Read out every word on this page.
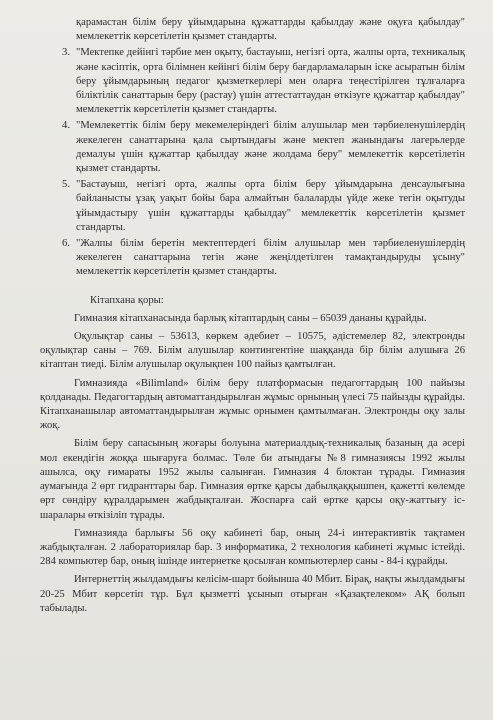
қарамастан білім беру ұйымдарына құжаттарды қабылдау және оқуға қабылдау" мемлекеттік көрсетілетін қызмет стандарты.

3. "Мектепке дейінгі тәрбие мен оқыту, бастауыш, негізгі орта, жалпы орта, техникалық және кәсіптік, орта білімнен кейінгі білім беру бағдарламаларын іске асыратын білім беру ұйымдарының педагог қызметкерлері мен оларға теңестірілген тұлғаларға біліктілік санаттарын беру (растау) үшін аттестаттаудан өткізуге құжаттар қабылдау" мемлекеттік көрсетілетін қызмет стандарты.
4. "Мемлекеттік білім беру мекемелеріндегі білім алушылар мен тәрбиеленушілердің жекелеген санаттарына қала сыртындағы және мектеп жанындағы лагерьлерде демалуы үшін құжаттар қабылдау және жолдама беру" мемлекеттік көрсетілетін қызмет стандарты.
5. "Бастауыш, негізгі орта, жалпы орта білім беру ұйымдарына денсаулығына байланысты ұзақ уақыт бойы бара алмайтын балаларды үйде жеке тегін оқытуды ұйымдастыру үшін құжаттарды қабылдау" мемлекеттік көрсетілетін қызмет стандарты.
6. "Жалпы білім беретін мектептердегі білім алушылар мен тәрбиеленушілердің жекелеген санаттарына тегін және жеңілдетілген тамақтандыруды ұсыну" мемлекеттік көрсетілетін қызмет стандарты.

Кітапхана қоры:

Гимназия кітапханасында барлық кітаптардың саны – 65039 дананы құрайды.

Оқулықтар саны – 53613, көркем әдебиет – 10575, әдістемелер 82, электронды оқулықтар саны – 769. Білім алушылар контингентіне шаққанда бір білім алушыға 26 кітаптан тиеді. Білім алушылар оқулықпен 100 пайыз қамтылған.

Гимназияда «Bilimland» білім беру платформасын педагогтардың 100 пайызы қолданады. Педагогтардың автоматтандырылған жұмыс орнының үлесі 75 пайызды құрайды. Кітапханашылар автоматтандырылған жұмыс орнымен қамтылмаған. Электронды оқу залы жоқ.

Білім беру сапасының жоғары болуына материалдық-техникалық базаның да әсері мол екендігін жоққа шығаруға болмас. Төле би атындағы №8 гимназиясы 1992 жылы ашылса, оқу ғимараты 1952 жылы салынған. Гимназия 4 блоктан тұрады. Гимназия аумағында 2 өрт гидранттары бар. Гимназия өртке қарсы дабылқаққышпен, қажетті көлемде өрт сөндіру құралдарымен жабдықталған. Жоспарға сай өртке қарсы оқу-жаттығу іс-шаралары өткізіліп тұрады.

Гимназияда барлығы 56 оқу кабинеті бар, оның 24-і интерактивтік тақтамен жабдықталған. 2 лабораториялар бар. 3 информатика, 2 технология кабинеті жұмыс істейді. 284 компьютер бар, оның ішінде интернетке қосылған компьютерлер саны - 84-і құрайды.

Интернеттің жылдамдығы келісім-шарт бойынша 40 Мбит. Бірақ, нақты жылдамдығы 20-25 Мбит көрсетіп тұр. Бұл қызметті ұсынып отырған «Қазақтелеком» АҚ болып табылады.
